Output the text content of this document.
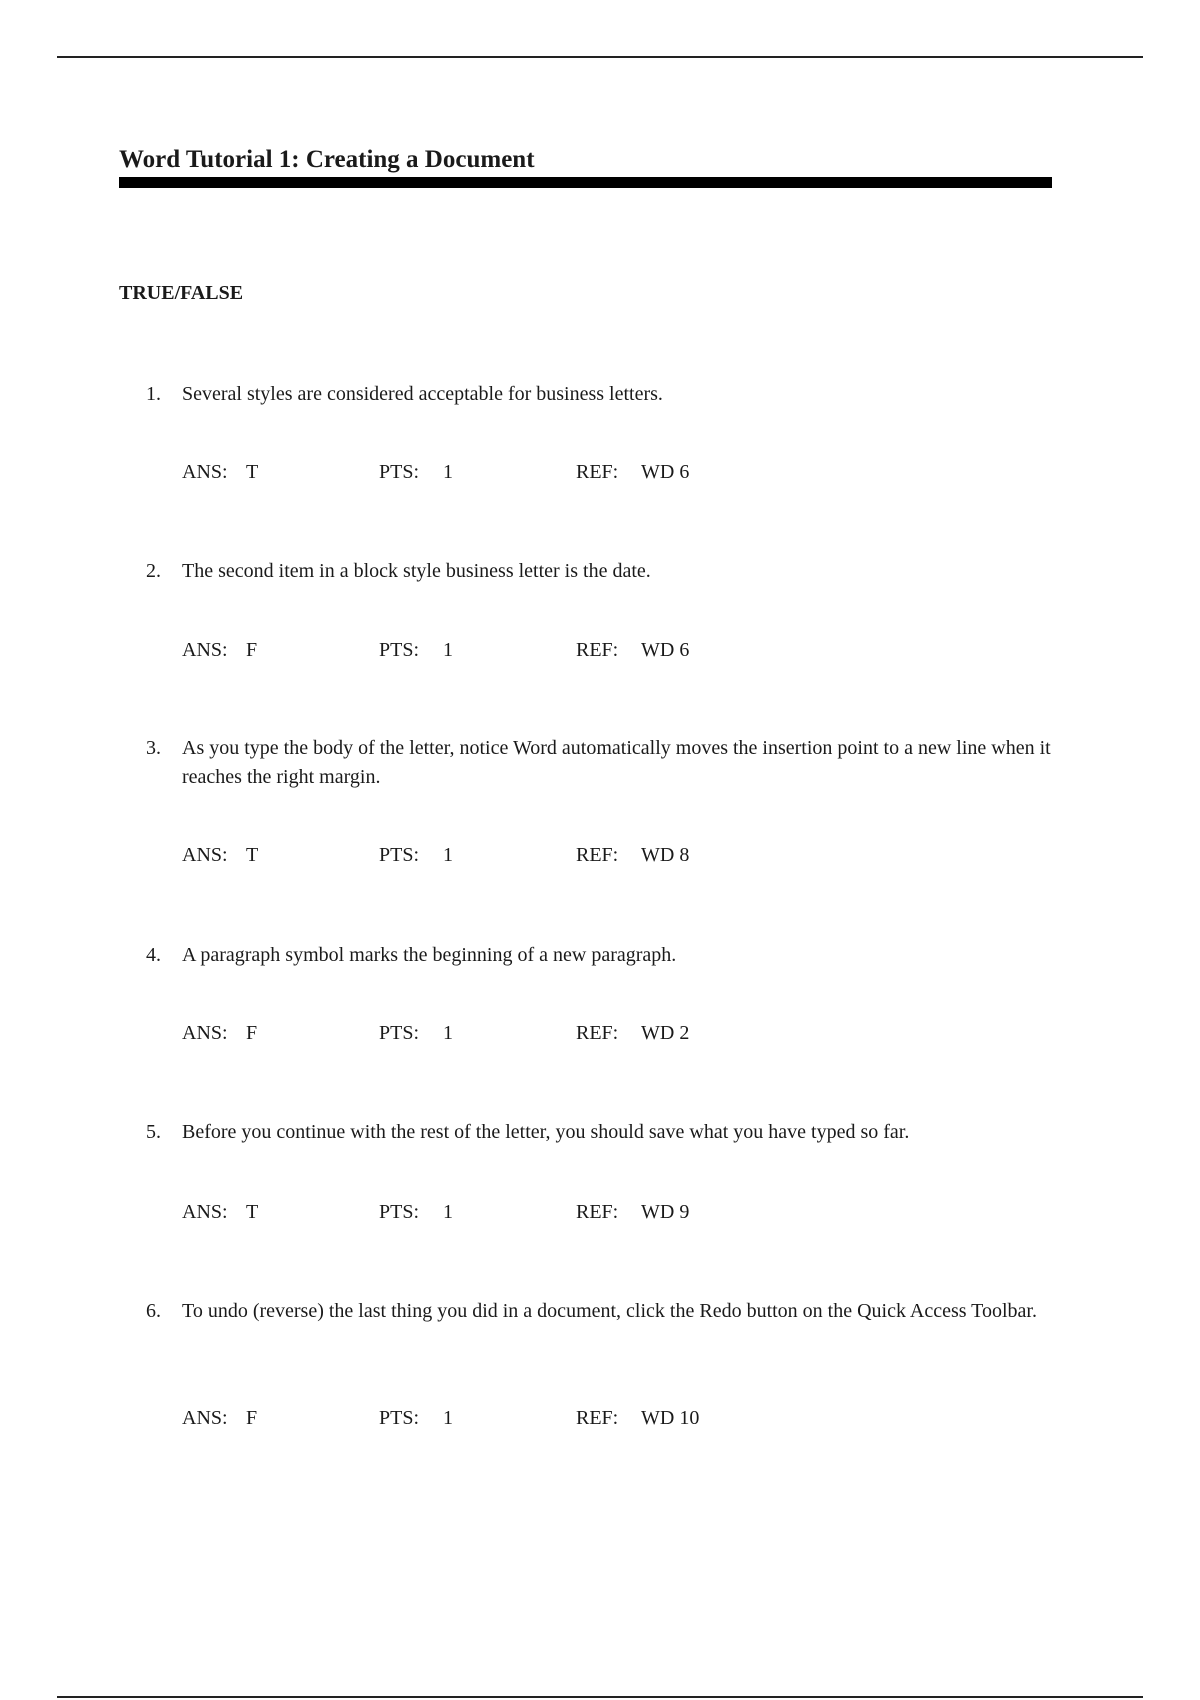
Word Tutorial 1: Creating a Document
TRUE/FALSE
1. Several styles are considered acceptable for business letters.
ANS: T	PTS: 1	REF: WD 6
2. The second item in a block style business letter is the date.
ANS: F	PTS: 1	REF: WD 6
3. As you type the body of the letter, notice Word automatically moves the insertion point to a new line when it reaches the right margin.
ANS: T	PTS: 1	REF: WD 8
4. A paragraph symbol marks the beginning of a new paragraph.
ANS: F	PTS: 1	REF: WD 2
5. Before you continue with the rest of the letter, you should save what you have typed so far.
ANS: T	PTS: 1	REF: WD 9
6. To undo (reverse) the last thing you did in a document, click the Redo button on the Quick Access Toolbar.
ANS: F	PTS: 1	REF: WD 10
